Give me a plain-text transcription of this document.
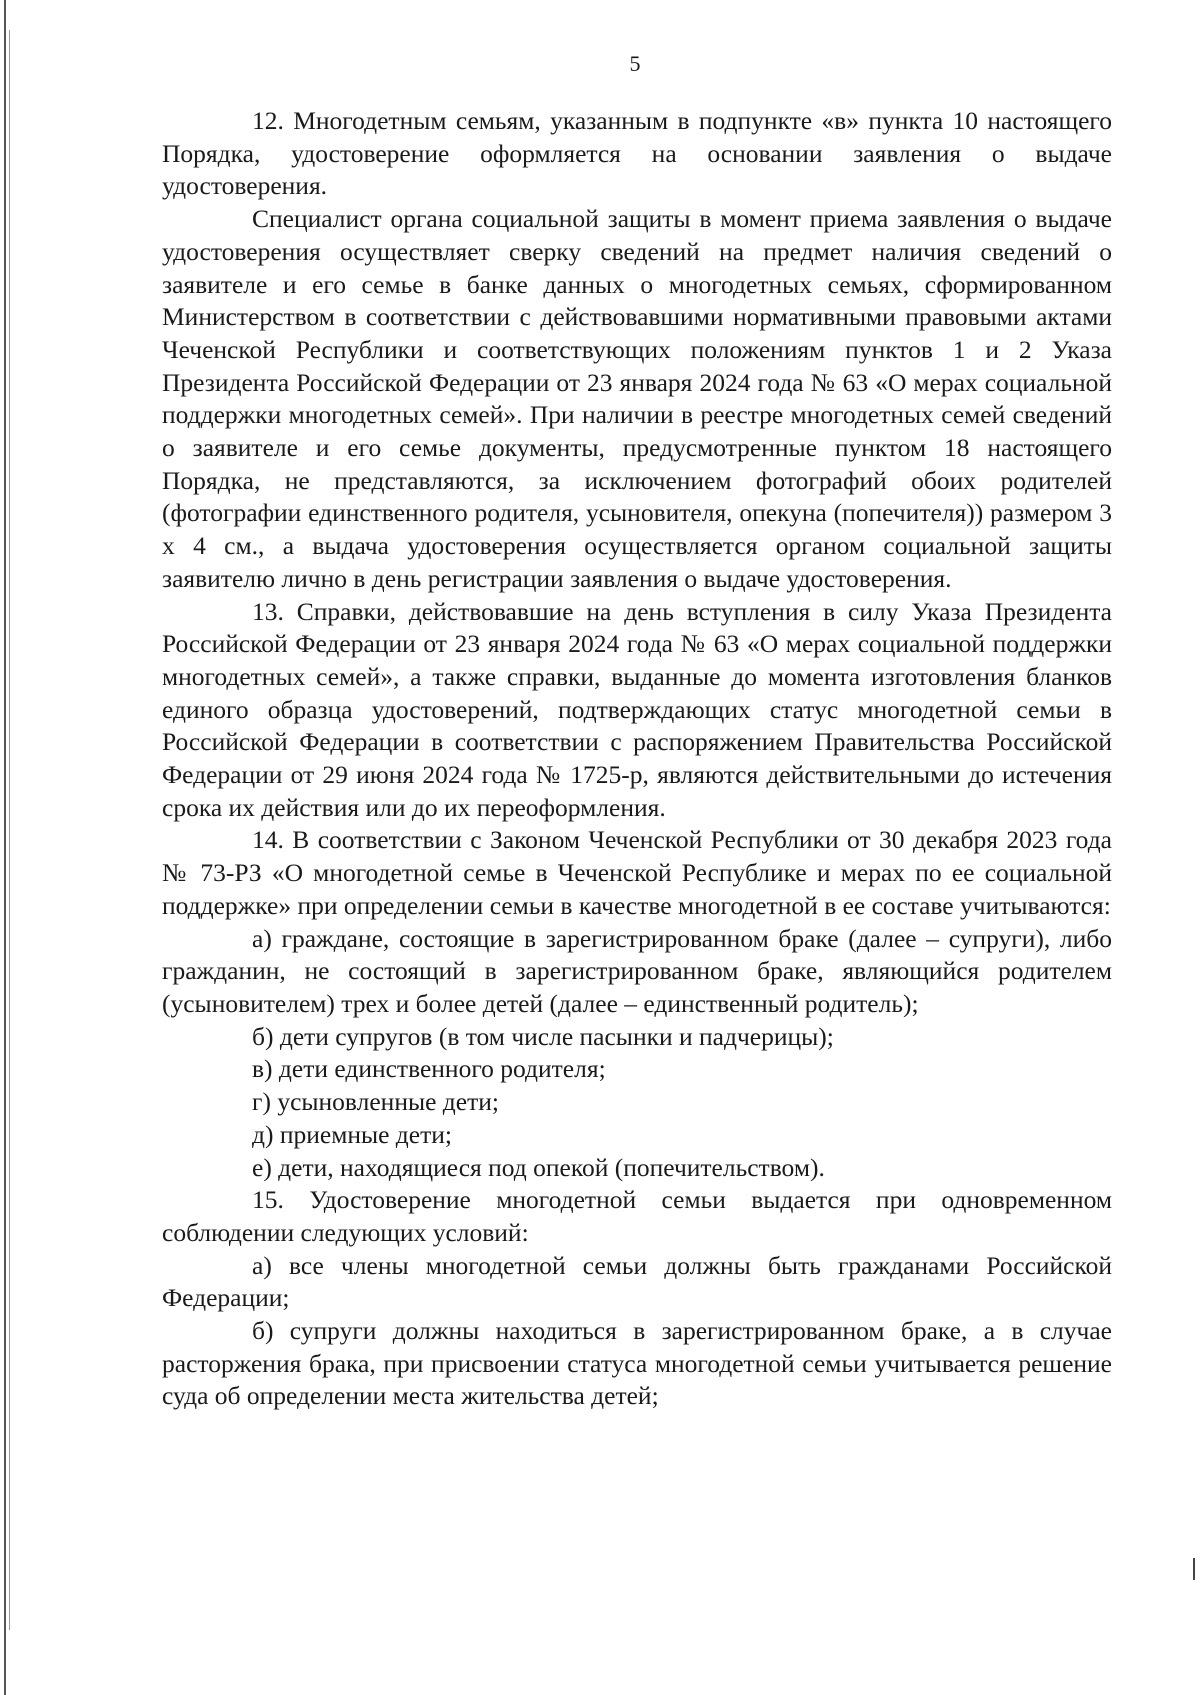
5

12. Многодетным семьям, указанным в подпункте «в» пункта 10 настоящего Порядка, удостоверение оформляется на основании заявления о выдаче удостоверения.

Специалист органа социальной защиты в момент приема заявления о выдаче удостоверения осуществляет сверку сведений на предмет наличия сведений о заявителе и его семье в банке данных о многодетных семьях, сформированном Министерством в соответствии с действовавшими нормативными правовыми актами Чеченской Республики и соответствующих положениям пунктов 1 и 2 Указа Президента Российской Федерации от 23 января 2024 года № 63 «О мерах социальной поддержки многодетных семей». При наличии в реестре многодетных семей сведений о заявителе и его семье документы, предусмотренные пунктом 18 настоящего Порядка, не представляются, за исключением фотографий обоих родителей (фотографии единственного родителя, усыновителя, опекуна (попечителя)) размером 3 х 4 см., а выдача удостоверения осуществляется органом социальной защиты заявителю лично в день регистрации заявления о выдаче удостоверения.

13. Справки, действовавшие на день вступления в силу Указа Президента Российской Федерации от 23 января 2024 года № 63 «О мерах социальной поддержки многодетных семей», а также справки, выданные до момента изготовления бланков единого образца удостоверений, подтверждающих статус многодетной семьи в Российской Федерации в соответствии с распоряжением Правительства Российской Федерации от 29 июня 2024 года № 1725-р, являются действительными до истечения срока их действия или до их переоформления.

14. В соответствии с Законом Чеченской Республики от 30 декабря 2023 года № 73-РЗ «О многодетной семье в Чеченской Республике и мерах по ее социальной поддержке» при определении семьи в качестве многодетной в ее составе учитываются:

а) граждане, состоящие в зарегистрированном браке (далее – супруги), либо гражданин, не состоящий в зарегистрированном браке, являющийся родителем (усыновителем) трех и более детей (далее – единственный родитель);

б) дети супругов (в том числе пасынки и падчерицы);

в) дети единственного родителя;

г) усыновленные дети;

д) приемные дети;

е) дети, находящиеся под опекой (попечительством).

15. Удостоверение многодетной семьи выдается при одновременном соблюдении следующих условий:

а) все члены многодетной семьи должны быть гражданами Российской Федерации;

б) супруги должны находиться в зарегистрированном браке, а в случае расторжения брака, при присвоении статуса многодетной семьи учитывается решение суда об определении места жительства детей;
